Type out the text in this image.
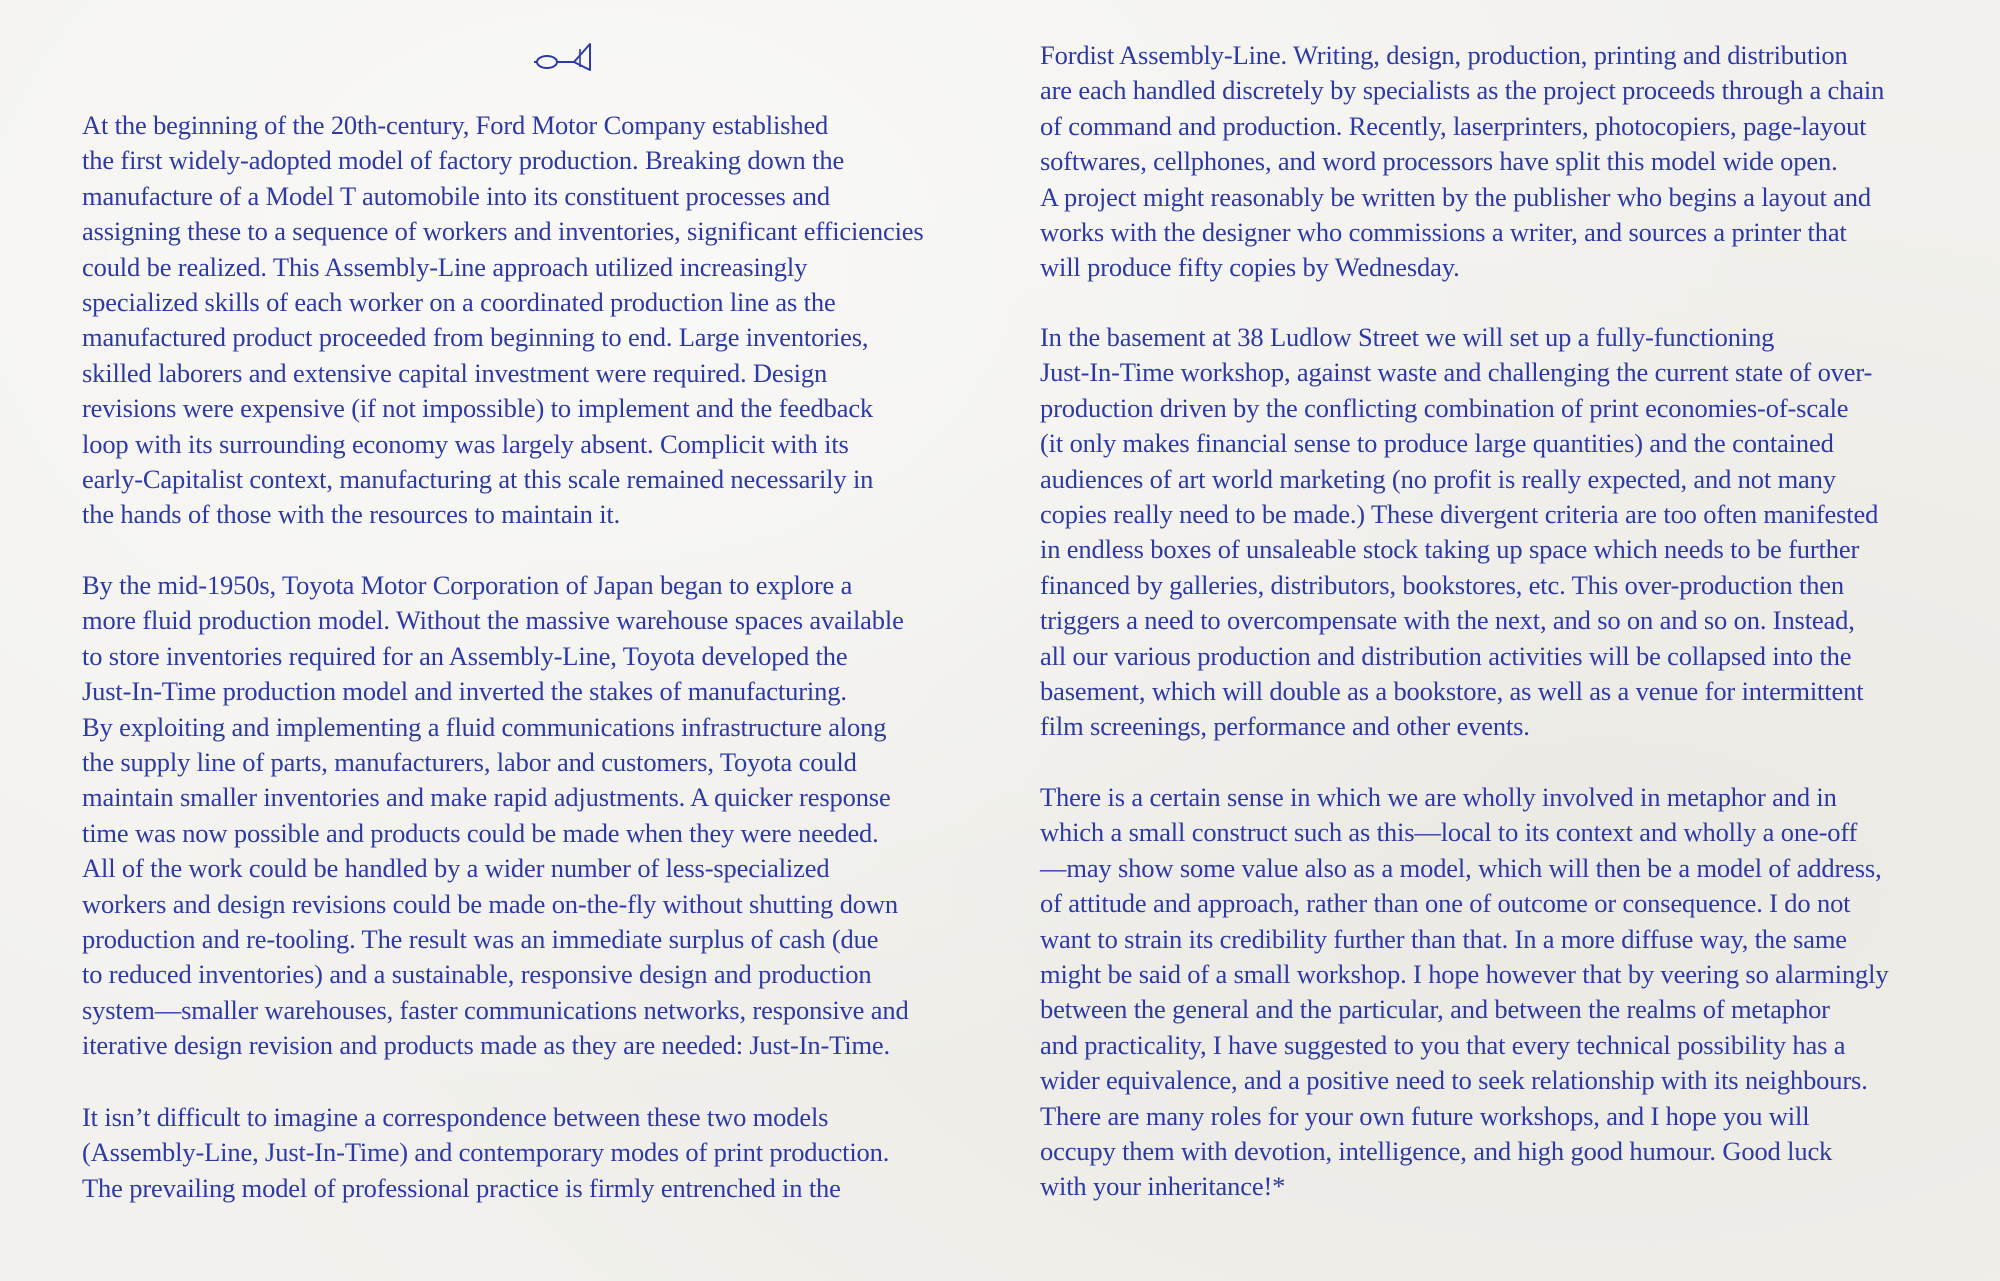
At the beginning of the 20th-century, Ford Motor Company established
the first widely-adopted model of factory production. Breaking down the
manufacture of a Model T automobile into its constituent processes and
assigning these to a sequence of workers and inventories, significant efficiencies
could be realized. This Assembly-Line approach utilized increasingly
specialized skills of each worker on a coordinated production line as the
manufactured product proceeded from beginning to end. Large inventories,
skilled laborers and extensive capital investment were required. Design
revisions were expensive (if not impossible) to implement and the feedback
loop with its surrounding economy was largely absent. Complicit with its
early-Capitalist context, manufacturing at this scale remained necessarily in
the hands of those with the resources to maintain it.

By the mid-1950s, Toyota Motor Corporation of Japan began to explore a
more fluid production model. Without the massive warehouse spaces available
to store inventories required for an Assembly-Line, Toyota developed the
Just-In-Time production model and inverted the stakes of manufacturing.
By exploiting and implementing a fluid communications infrastructure along
the supply line of parts, manufacturers, labor and customers, Toyota could
maintain smaller inventories and make rapid adjustments. A quicker response
time was now possible and products could be made when they were needed.
All of the work could be handled by a wider number of less-specialized
workers and design revisions could be made on-the-fly without shutting down
production and re-tooling. The result was an immediate surplus of cash (due
to reduced inventories) and a sustainable, responsive design and production
system—smaller warehouses, faster communications networks, responsive and
iterative design revision and products made as they are needed: Just-In-Time.

It isn’t difficult to imagine a correspondence between these two models
(Assembly-Line, Just-In-Time) and contemporary modes of print production.
The prevailing model of professional practice is firmly entrenched in the

Fordist Assembly-Line. Writing, design, production, printing and distribution
are each handled discretely by specialists as the project proceeds through a chain
of command and production. Recently, laserprinters, photocopiers, page-layout
softwares, cellphones, and word processors have split this model wide open.
A project might reasonably be written by the publisher who begins a layout and
works with the designer who commissions a writer, and sources a printer that
will produce fifty copies by Wednesday.

In the basement at 38 Ludlow Street we will set up a fully-functioning
Just-In-Time workshop, against waste and challenging the current state of over-
production driven by the conflicting combination of print economies-of-scale
(it only makes financial sense to produce large quantities) and the contained
audiences of art world marketing (no profit is really expected, and not many
copies really need to be made.) These divergent criteria are too often manifested
in endless boxes of unsaleable stock taking up space which needs to be further
financed by galleries, distributors, bookstores, etc. This over-production then
triggers a need to overcompensate with the next, and so on and so on. Instead,
all our various production and distribution activities will be collapsed into the
basement, which will double as a bookstore, as well as a venue for intermittent
film screenings, performance and other events.

There is a certain sense in which we are wholly involved in metaphor and in
which a small construct such as this—local to its context and wholly a one-off
—may show some value also as a model, which will then be a model of address,
of attitude and approach, rather than one of outcome or consequence. I do not
want to strain its credibility further than that. In a more diffuse way, the same
might be said of a small workshop. I hope however that by veering so alarmingly
between the general and the particular, and between the realms of metaphor
and practicality, I have suggested to you that every technical possibility has a
wider equivalence, and a positive need to seek relationship with its neighbours.
There are many roles for your own future workshops, and I hope you will
occupy them with devotion, intelligence, and high good humour. Good luck
with your inheritance!*
